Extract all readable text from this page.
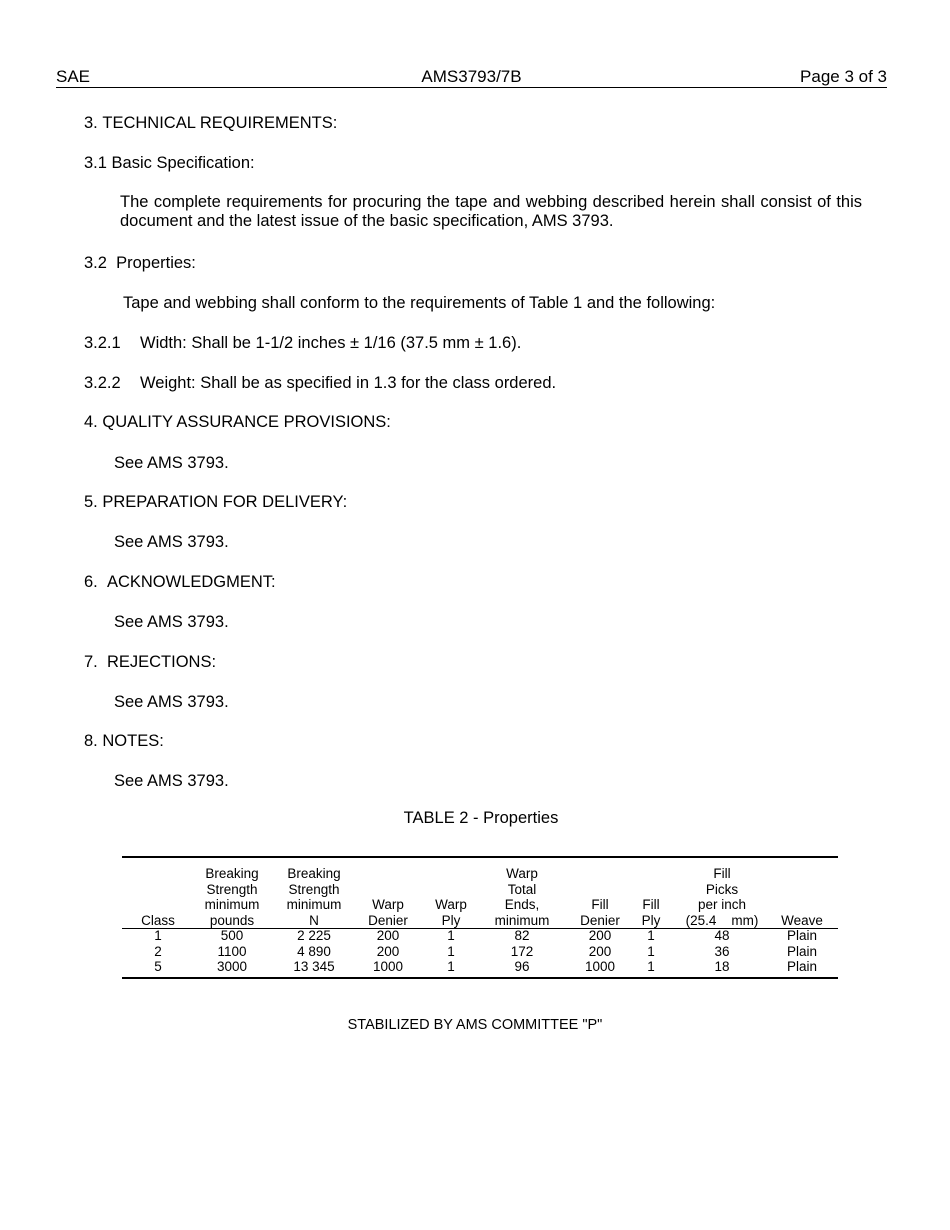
SAE	AMS3793/7B	Page 3 of 3
3. TECHNICAL REQUIREMENTS:
3.1 Basic Specification:
The complete requirements for procuring the tape and webbing described herein shall consist of this document and the latest issue of the basic specification, AMS 3793.
3.2 Properties:
Tape and webbing shall conform to the requirements of Table 1 and the following:
3.2.1 Width: Shall be 1-1/2 inches ± 1/16 (37.5 mm ± 1.6).
3.2.2 Weight: Shall be as specified in 1.3 for the class ordered.
4. QUALITY ASSURANCE PROVISIONS:
See AMS 3793.
5. PREPARATION FOR DELIVERY:
See AMS 3793.
6. ACKNOWLEDGMENT:
See AMS 3793.
7. REJECTIONS:
See AMS 3793.
8. NOTES:
See AMS 3793.
TABLE 2 - Properties
Class
1
2
5
Breaking
Strength
minimum
pounds
500
1100
3000
Breaking
Strength
minimum
N
2 225
4 890
13 345
Warp
Denier
200
200
1000
Warp
Ply
1
1
1
Warp
Total
Ends,
minimum
82
172
96
Fill
Denier
200
200
1000
Fill
Ply
1
1
1
Fill
Picks
per inch
(25.4    mm)
48
36
18
Weave
Plain
Plain
Plain
STABILIZED BY AMS COMMITTEE "P"
